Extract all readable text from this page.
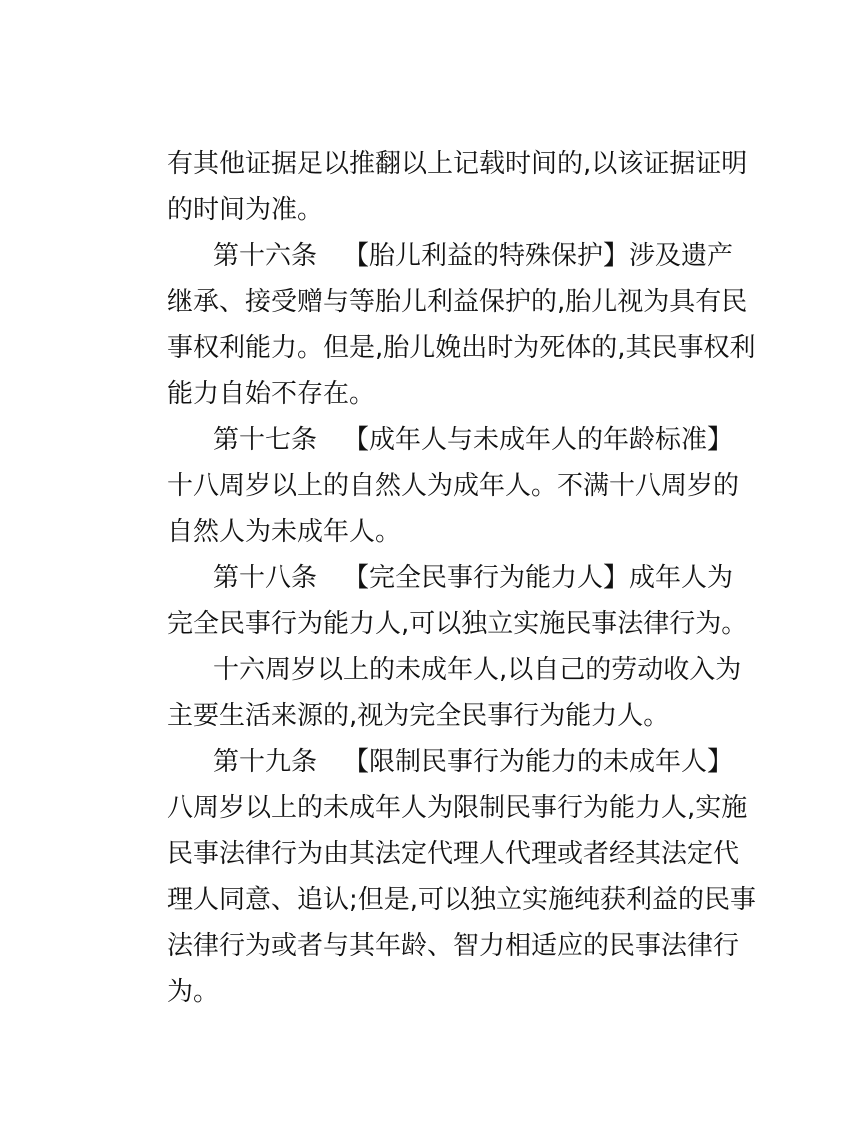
有其他证据足以推翻以上记载时间的,以该证据证明
的时间为准。
第十六条 【胎儿利益的特殊保护】涉及遗产
继承、接受赠与等胎儿利益保护的,胎儿视为具有民
事权利能力。但是,胎儿娩出时为死体的,其民事权利
能力自始不存在。
第十七条 【成年人与未成年人的年龄标准】
十八周岁以上的自然人为成年人。不满十八周岁的
自然人为未成年人。
第十八条 【完全民事行为能力人】成年人为
完全民事行为能力人,可以独立实施民事法律行为。
十六周岁以上的未成年人,以自己的劳动收入为
主要生活来源的,视为完全民事行为能力人。
第十九条 【限制民事行为能力的未成年人】
八周岁以上的未成年人为限制民事行为能力人,实施
民事法律行为由其法定代理人代理或者经其法定代
理人同意、追认;但是,可以独立实施纯获利益的民事
法律行为或者与其年龄、智力相适应的民事法律行
为。
